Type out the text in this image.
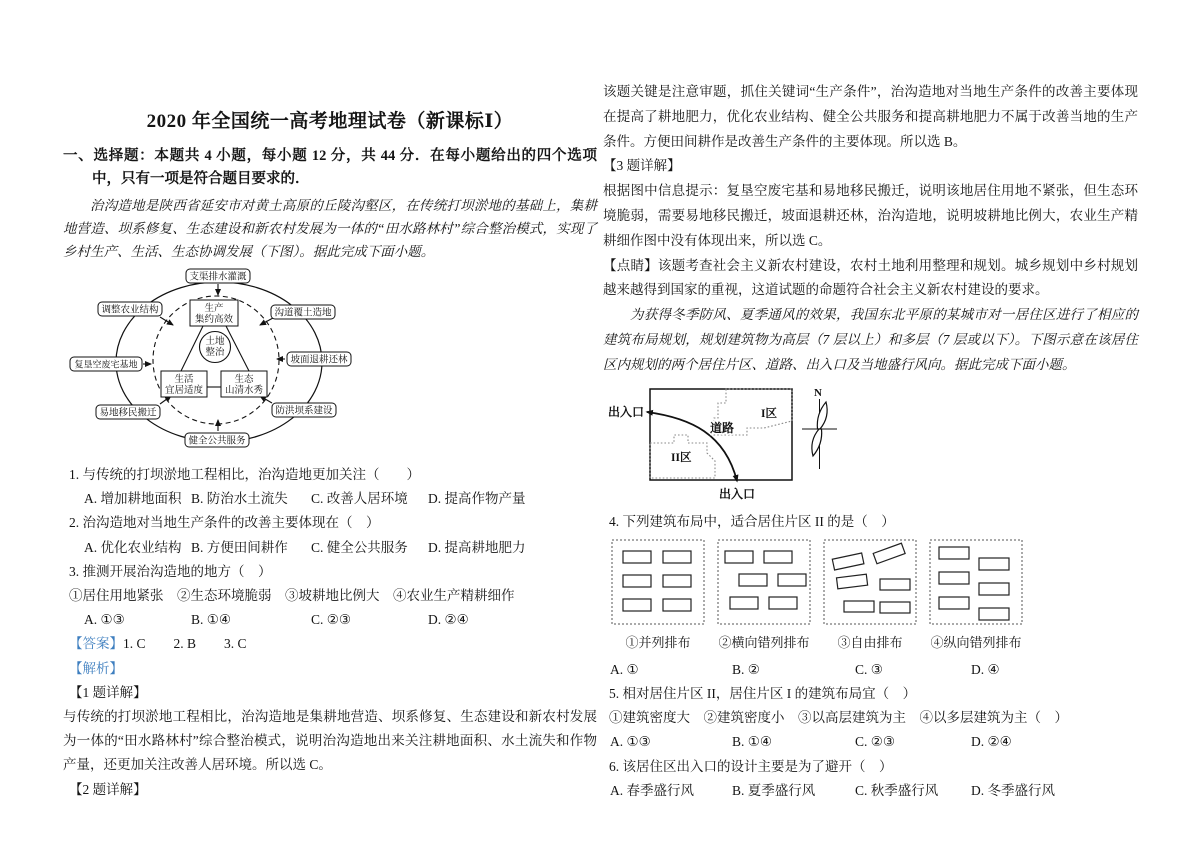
2020 年全国统一高考地理试卷（新课标Ⅰ）

一、选择题：本题共 4 小题，每小题 12 分，共 44 分．在每小题给出的四个选项中，只有一项是符合题目要求的．

治沟造地是陕西省延安市对黄土高原的丘陵沟壑区，在传统打坝淤地的基础上，集耕地营造、坝系修复、生态建设和新农村发展为一体的“田水路林村”综合整治模式，实现了乡村生产、生活、生态协调发展（下图）。据此完成下面小题。

支渠排水灌溉
调整农业结构	沟道覆土造地
复垦空废宅基地	坡面退耕还林
易地移民搬迁	防洪坝系建设
健全公共服务
生产
集约高效
生活
宜居适度
生态
山清水秀
土地
整治

1. 与传统的打坝淤地工程相比，治沟造地更加关注（　　）

A. 增加耕地面积 B. 防治水土流失	C. 改善人居环境	D. 提高作物产量

2. 治沟造地对当地生产条件的改善主要体现在（　）

A. 优化农业结构 B. 方便田间耕作	C. 健全公共服务	D. 提高耕地肥力

3. 推测开展治沟造地的地方（　）

①居住用地紧张　②生态环境脆弱　③坡耕地比例大　④农业生产精耕细作

A. ①③	B. ①④	C. ②③	D. ②④

【答案】1. C 2. B 3. C

【解析】

【1 题详解】

与传统的打坝淤地工程相比，治沟造地是集耕地营造、坝系修复、生态建设和新农村发展为一体的“田水路林村”综合整治模式，说明治沟造地出来关注耕地面积、水土流失和作物产量，还更加关注改善人居环境。所以选 C。

【2 题详解】

该题关键是注意审题，抓住关键词“生产条件”，治沟造地对当地生产条件的改善主要体现在提高了耕地肥力，优化农业结构、健全公共服务和提高耕地肥力不属于改善当地的生产条件。方便田间耕作是改善生产条件的主要体现。所以选 B。

【3 题详解】

根据图中信息提示：复垦空废宅基和易地移民搬迁，说明该地居住用地不紧张，但生态环境脆弱，需要易地移民搬迁，坡面退耕还林，治沟造地，说明坡耕地比例大，农业生产精耕细作图中没有体现出来，所以选 C。

【点睛】该题考查社会主义新农村建设，农村土地利用整理和规划。城乡规划中乡村规划越来越得到国家的重视，这道试题的命题符合社会主义新农村建设的要求。

为获得冬季防风、夏季通风的效果，我国东北平原的某城市对一居住区进行了相应的建筑布局规划，规划建筑物为高层（7 层以上）和多层（7 层或以下）。下图示意在该居住区内规划的两个居住片区、道路、出入口及当地盛行风向。据此完成下面小题。

出入口
道路
I区
II区
出入口
N

4. 下列建筑布局中，适合居住片区 II 的是（　）

①并列排布	②横向错列排布	③自由排布	④纵向错列排布
A. ①	B. ②	C. ③	D. ④

5. 相对居住片区 II，居住片区 I 的建筑布局宜（　）

①建筑密度大　②建筑密度小　③以高层建筑为主　④以多层建筑为主（　）

A. ①③	B. ①④	C. ②③	D. ②④

6. 该居住区出入口的设计主要是为了避开（　）

A. 春季盛行风	B. 夏季盛行风	C. 秋季盛行风	D. 冬季盛行风
